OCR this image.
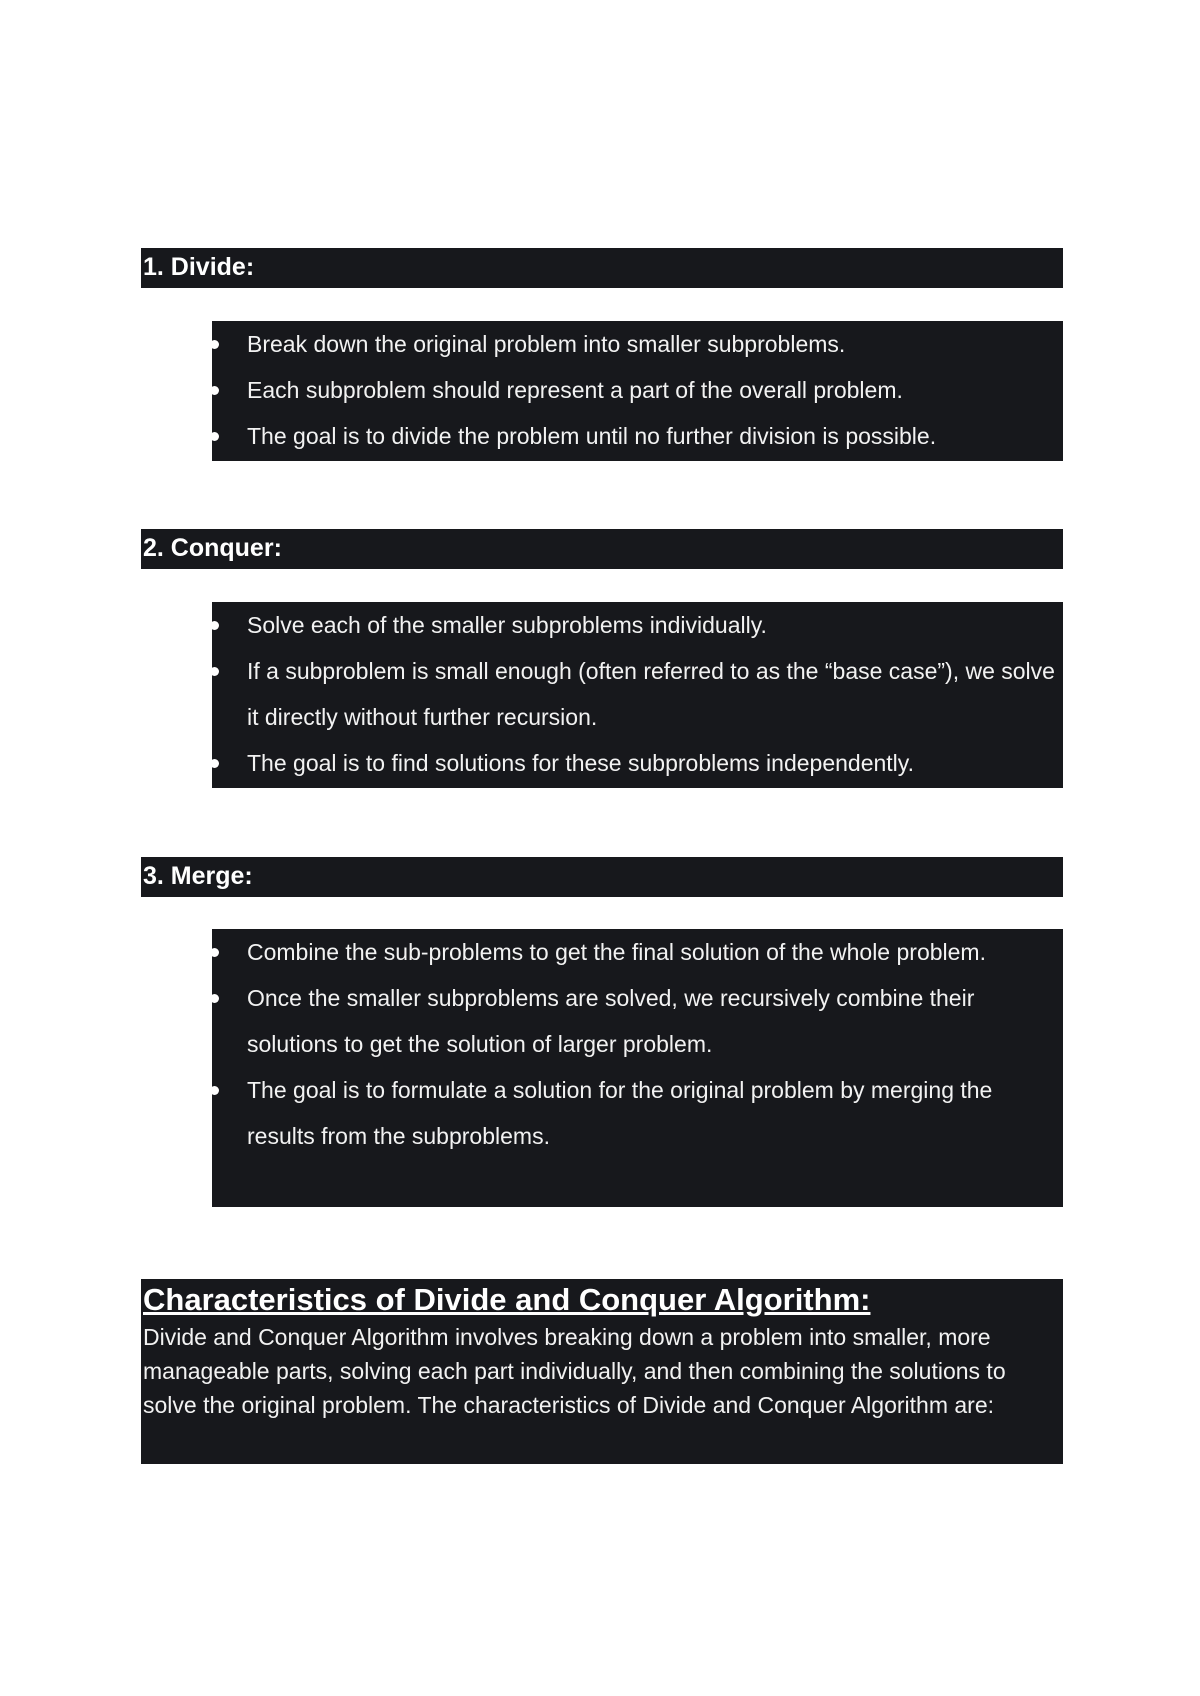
1. Divide:
Break down the original problem into smaller subproblems.
Each subproblem should represent a part of the overall problem.
The goal is to divide the problem until no further division is possible.
2. Conquer:
Solve each of the smaller subproblems individually.
If a subproblem is small enough (often referred to as the “base case”), we solve it directly without further recursion.
The goal is to find solutions for these subproblems independently.
3. Merge:
Combine the sub-problems to get the final solution of the whole problem.
Once the smaller subproblems are solved, we recursively combine their solutions to get the solution of larger problem.
The goal is to formulate a solution for the original problem by merging the results from the subproblems.
Characteristics of Divide and Conquer Algorithm:
Divide and Conquer Algorithm involves breaking down a problem into smaller, more manageable parts, solving each part individually, and then combining the solutions to solve the original problem. The characteristics of Divide and Conquer Algorithm are:
